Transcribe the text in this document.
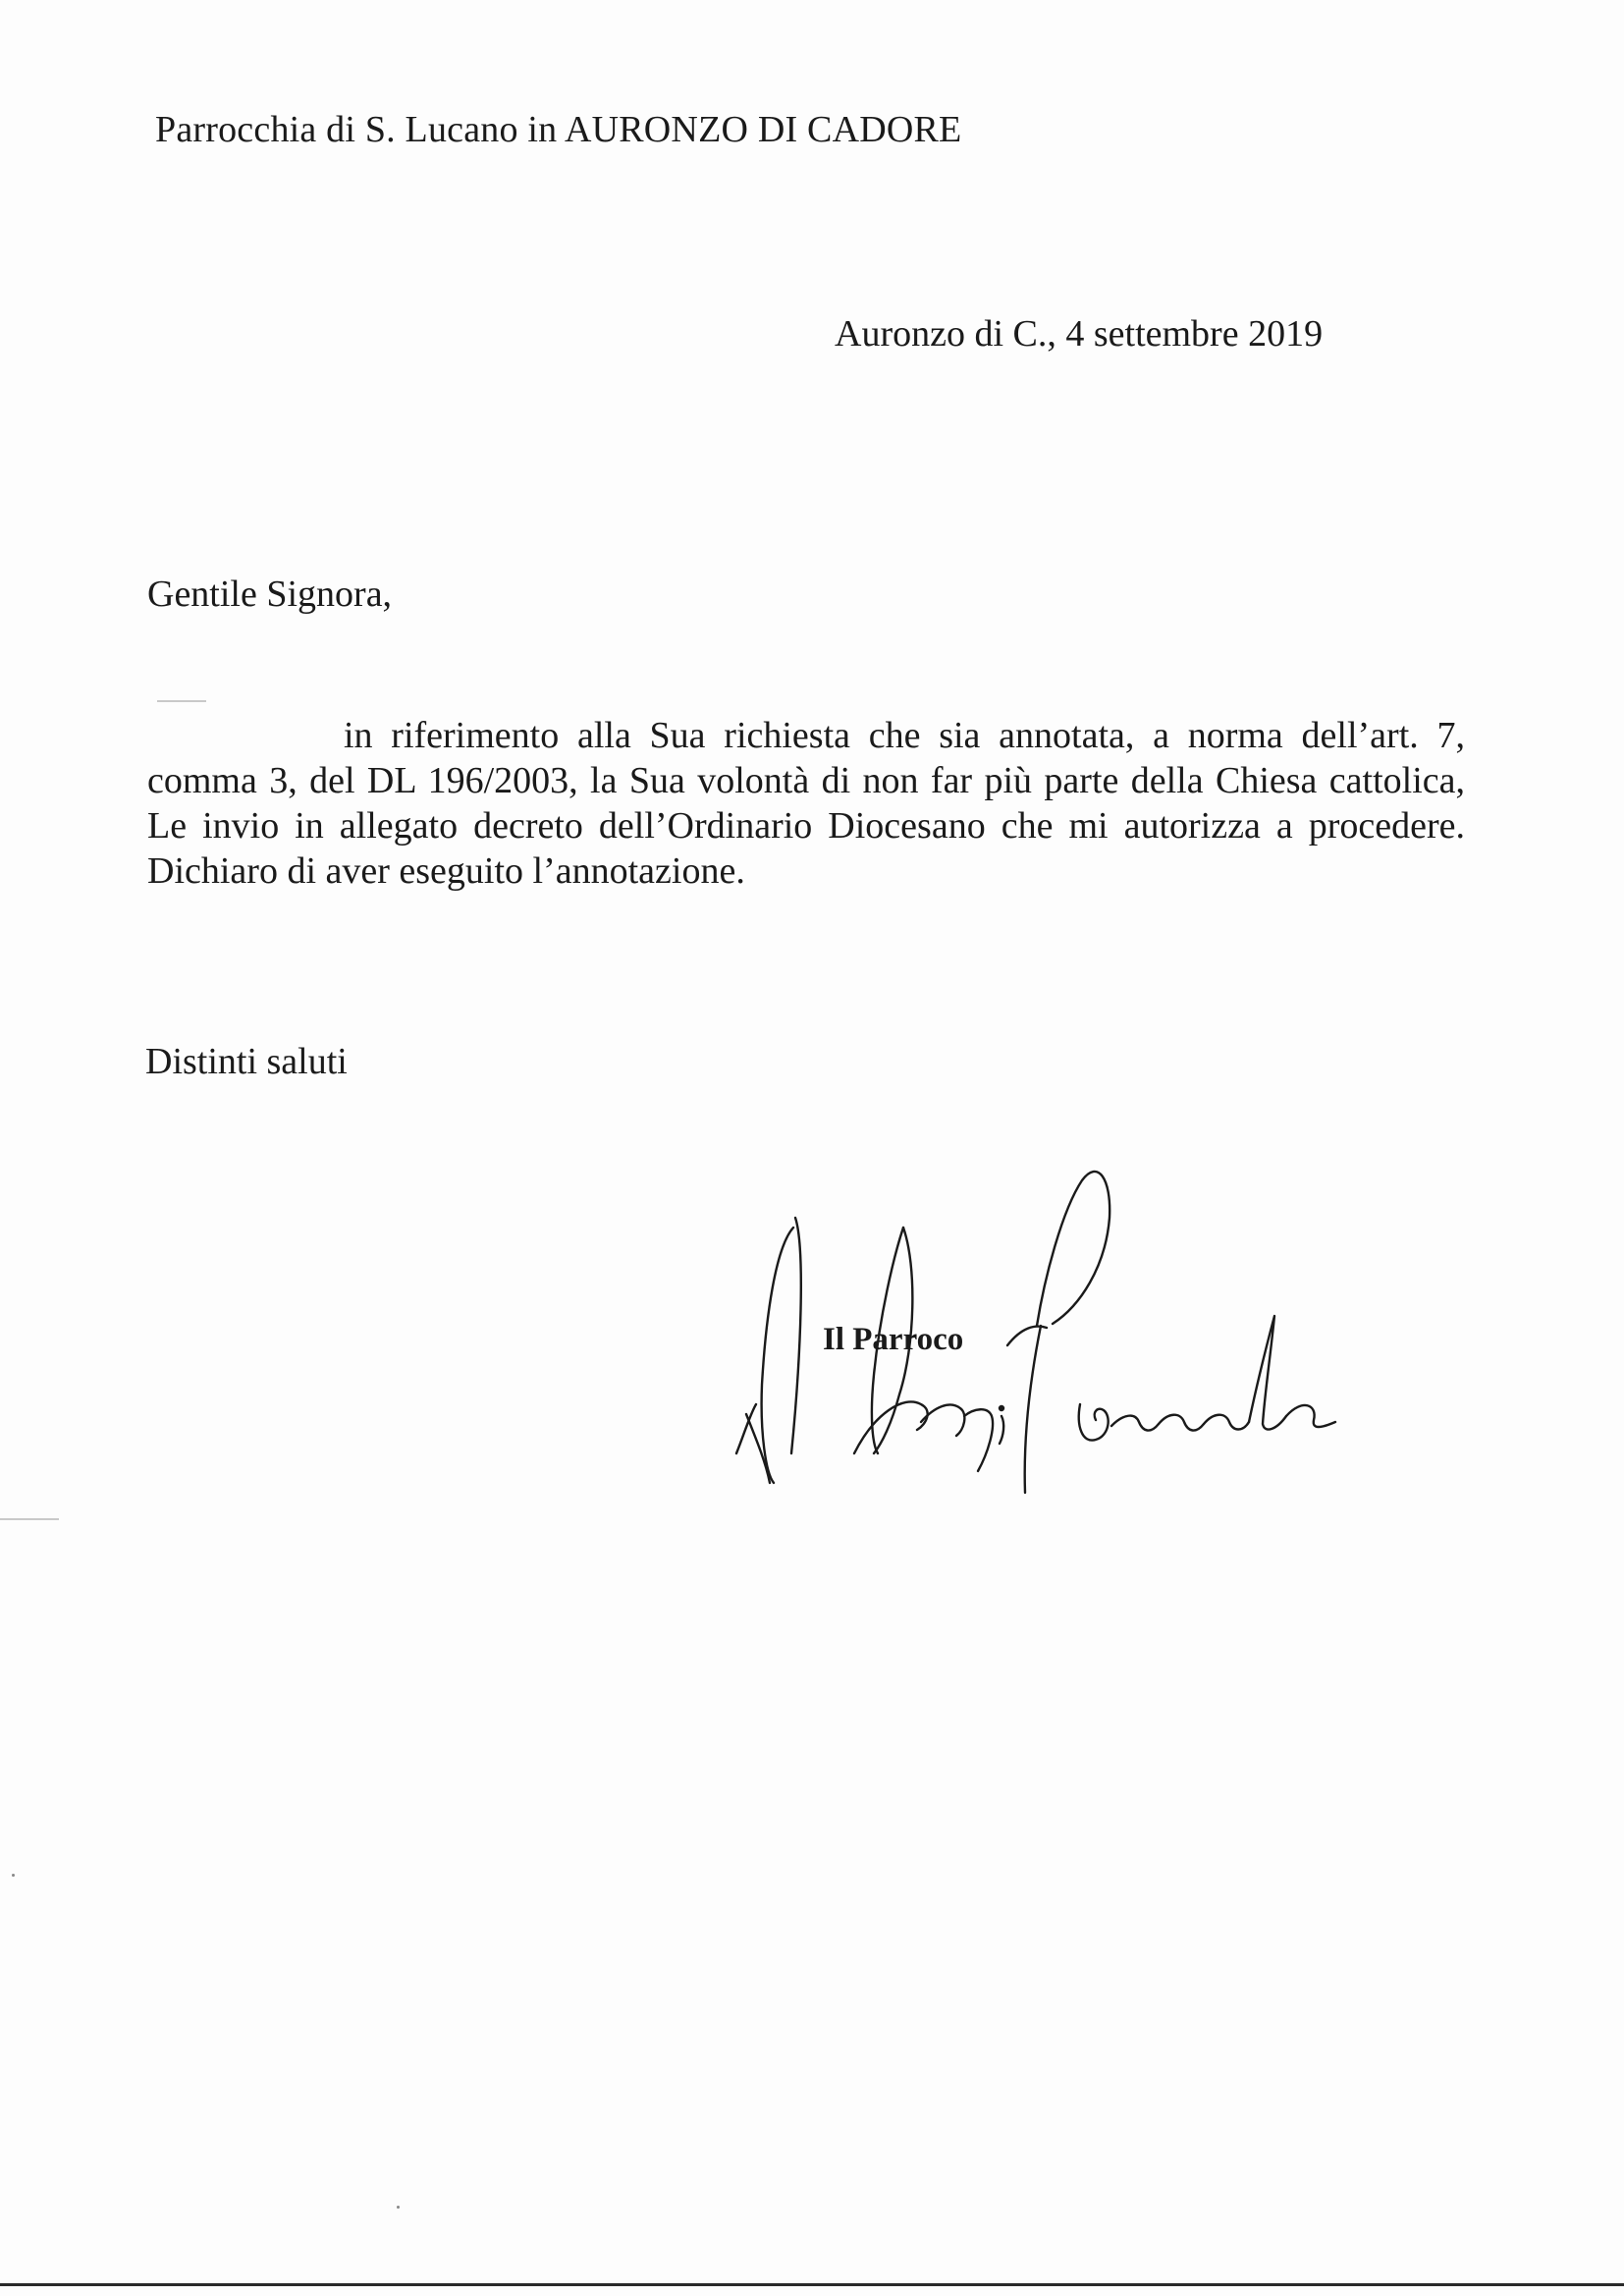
Parrocchia di S. Lucano in AURONZO DI CADORE
Auronzo di C., 4 settembre 2019
Gentile Signora,
in riferimento alla Sua richiesta che sia annotata, a norma dell’art. 7,
comma 3, del DL 196/2003, la Sua volontà di non far più parte della Chiesa cattolica,
Le invio in allegato decreto dell’Ordinario Diocesano che mi autorizza a procedere.
Dichiaro di aver eseguito l’annotazione.
Distinti saluti
Il Parroco
